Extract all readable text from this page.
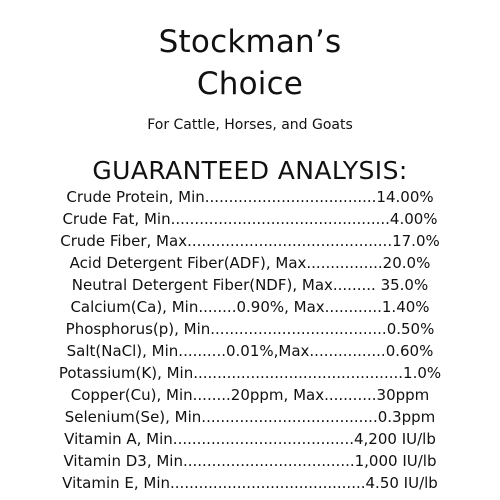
Stockman’s
Choice
For Cattle, Horses, and Goats
GUARANTEED ANALYSIS:
Crude Protein, Min....................................14.00%
Crude Fat, Min..............................................4.00%
Crude Fiber, Max...........................................17.0%
Acid Detergent Fiber(ADF), Max................20.0%
Neutral Detergent Fiber(NDF), Max......... 35.0%
Calcium(Ca), Min........0.90%, Max............1.40%
Phosphorus(p), Min.....................................0.50%
Salt(NaCl), Min..........0.01%,Max................0.60%
Potassium(K), Min............................................1.0%
Copper(Cu), Min........20ppm, Max...........30ppm
Selenium(Se), Min.....................................0.3ppm
Vitamin A, Min......................................4,200 IU/lb
Vitamin D3, Min....................................1,000 IU/lb
Vitamin E, Min.........................................4.50 IU/lb
